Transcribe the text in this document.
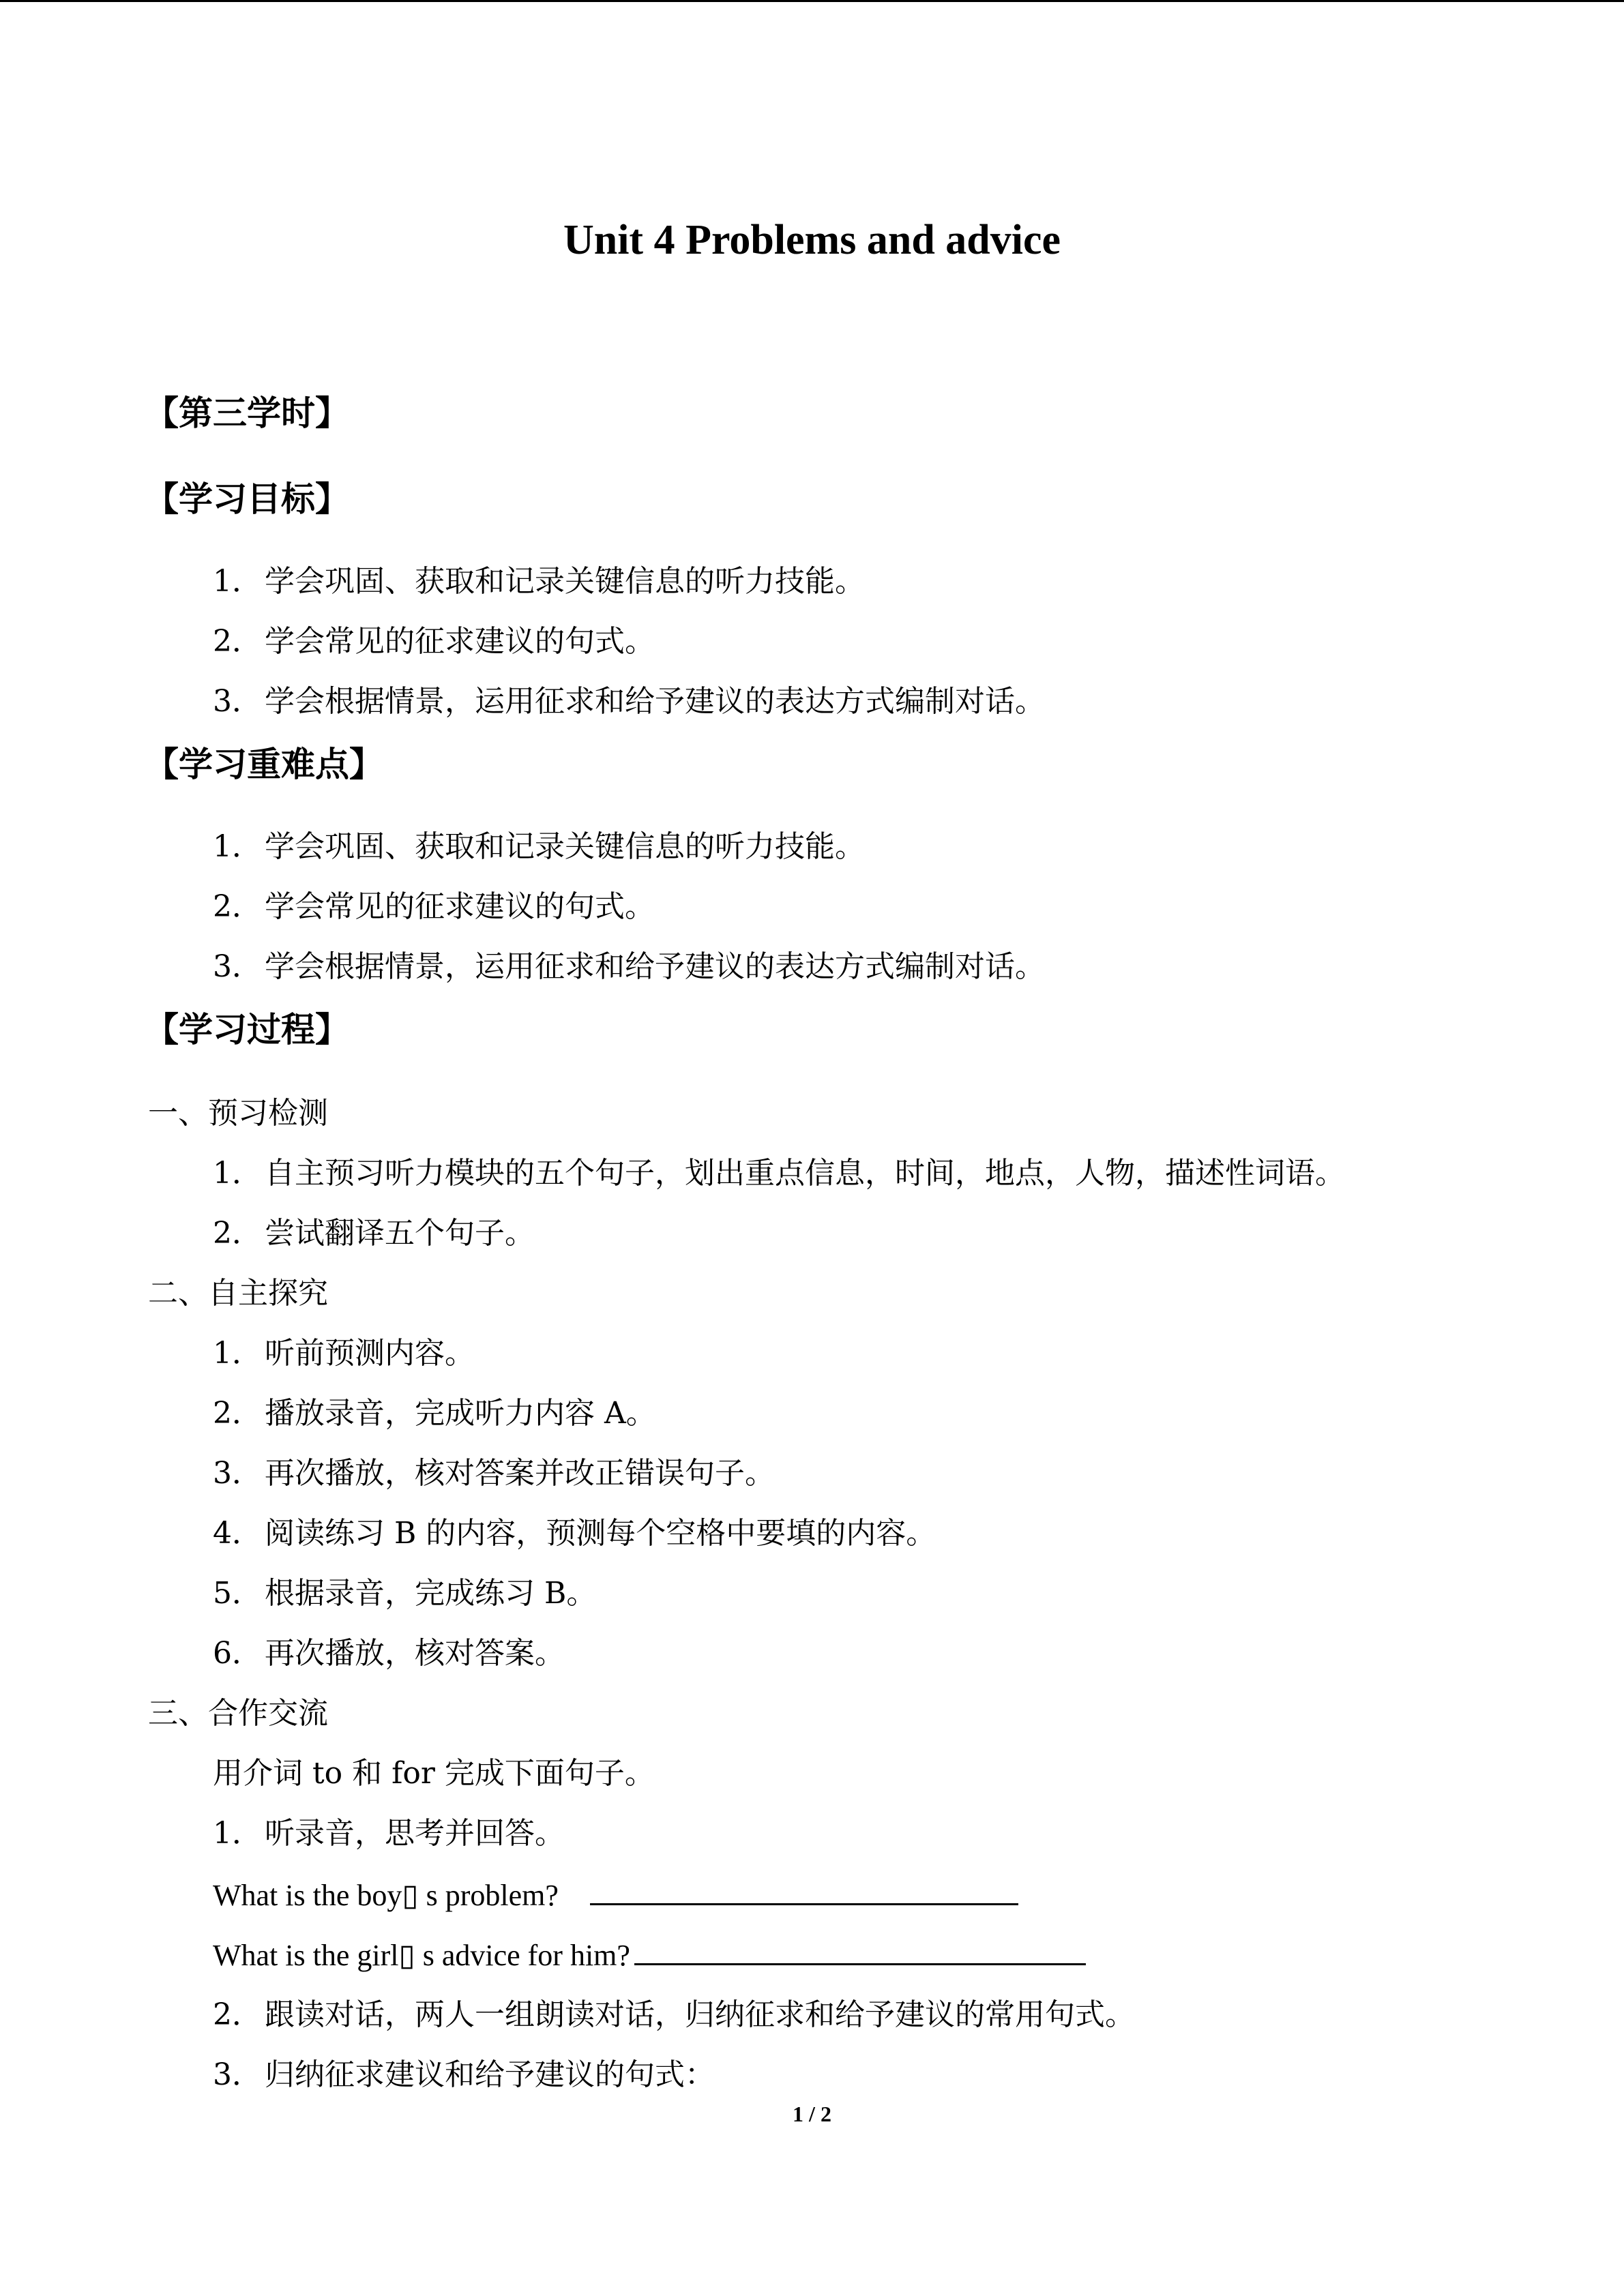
Unit 4 Problems and advice
【第三学时】
【学习目标】

1．学会巩固、获取和记录关键信息的听力技能。

2．学会常见的征求建议的句式。

3．学会根据情景，运用征求和给予建议的表达方式编制对话。

【学习重难点】

1．学会巩固、获取和记录关键信息的听力技能。

2．学会常见的征求建议的句式。

3．学会根据情景，运用征求和给予建议的表达方式编制对话。

【学习过程】

一、预习检测

1．自主预习听力模块的五个句子，划出重点信息，时间，地点，人物，描述性词语。

2．尝试翻译五个句子。

二、自主探究

1．听前预测内容。

2．播放录音，完成听力内容 A。

3．再次播放，核对答案并改正错误句子。

4．阅读练习 B 的内容，预测每个空格中要填的内容。

5．根据录音，完成练习 B。

6．再次播放，核对答案。

三、合作交流

用介词 to 和 for 完成下面句子。

1．听录音，思考并回答。

What is the boy▯ s problem?

What is the girl▯ s advice for him?

2．跟读对话，两人一组朗读对话，归纳征求和给予建议的常用句式。

3．归纳征求建议和给予建议的句式：

1 / 2
